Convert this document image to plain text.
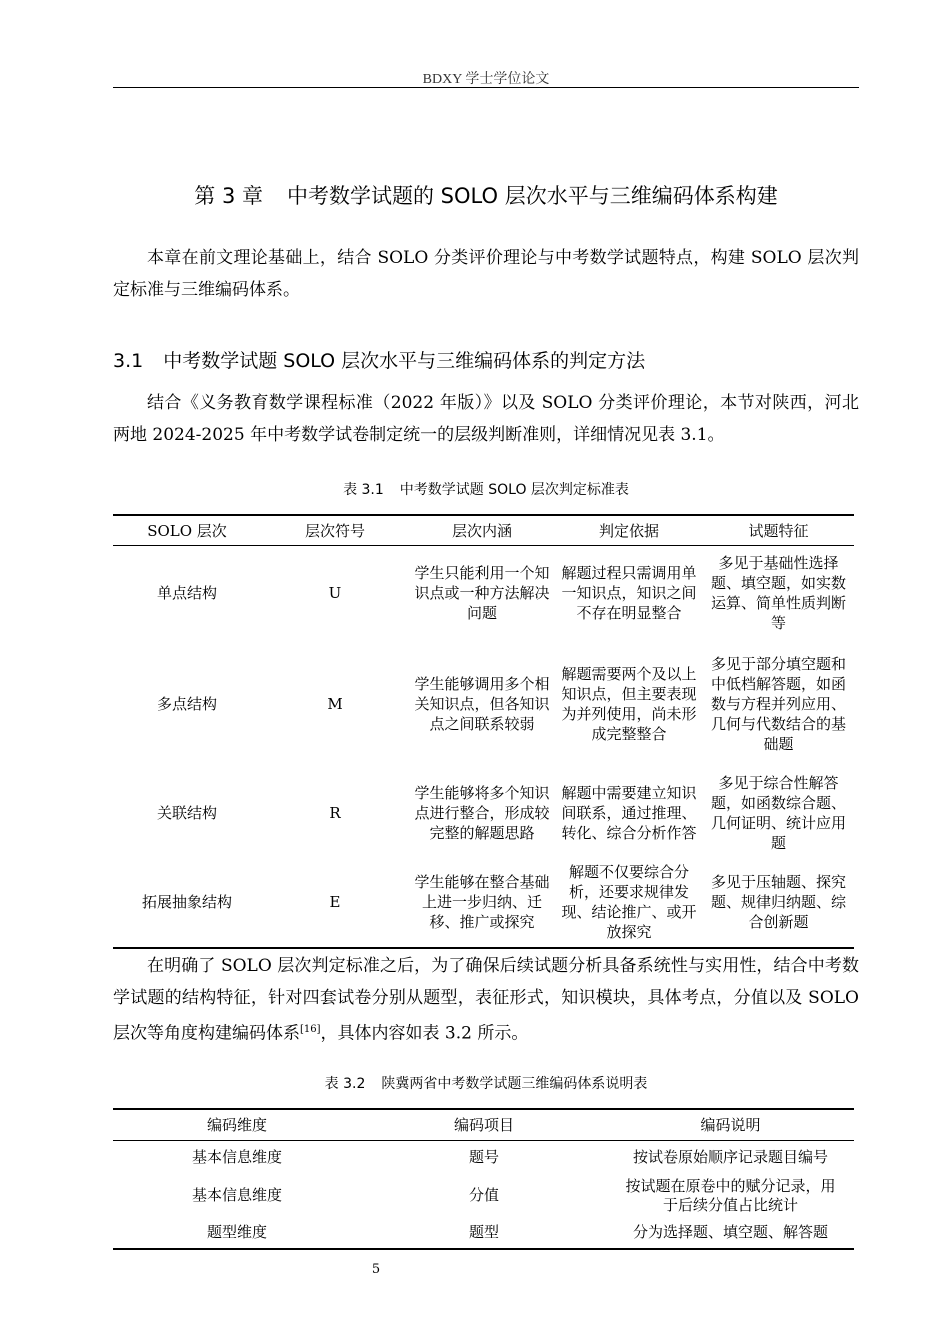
BDXY 学士学位论文
第 3 章 中考数学试题的 SOLO 层次水平与三维编码体系构建

本章在前文理论基础上，结合 SOLO 分类评价理论与中考数学试题特点，构建 SOLO 层次判定标准与三维编码体系。

3.1 中考数学试题 SOLO 层次水平与三维编码体系的判定方法

结合《义务教育数学课程标准（2022 年版）》以及 SOLO 分类评价理论，本节对陕西，河北两地 2024-2025 年中考数学试卷制定统一的层级判断准则，详细情况见表 3.1。

表 3.1 中考数学试题 SOLO 层次判定标准表
SOLO 层次	层次符号	层次内涵	判定依据	试题特征
单点结构	U	学生只能利用一个知识点或一种方法解决问题	解题过程只需调用单一知识点，知识之间不存在明显整合	多见于基础性选择题、填空题，如实数运算、简单性质判断等
多点结构	M	学生能够调用多个相关知识点，但各知识点之间联系较弱	解题需要两个及以上知识点，但主要表现为并列使用，尚未形成完整整合	多见于部分填空题和中低档解答题，如函数与方程并列应用、几何与代数结合的基础题
关联结构	R	学生能够将多个知识点进行整合，形成较完整的解题思路	解题中需要建立知识间联系，通过推理、转化、综合分析作答	多见于综合性解答题，如函数综合题、几何证明、统计应用题
拓展抽象结构	E	学生能够在整合基础上进一步归纳、迁移、推广或探究	解题不仅要综合分析，还要求规律发现、结论推广、或开放探究	多见于压轴题、探究题、规律归纳题、综合创新题

在明确了 SOLO 层次判定标准之后，为了确保后续试题分析具备系统性与实用性，结合中考数学试题的结构特征，针对四套试卷分别从题型，表征形式，知识模块，具体考点，分值以及 SOLO 层次等角度构建编码体系[16]，具体内容如表 3.2 所示。

表 3.2 陕冀两省中考数学试题三维编码体系说明表
编码维度	编码项目	编码说明
基本信息维度	题号	按试卷原始顺序记录题目编号
基本信息维度	分值	按试题在原卷中的赋分记录，用于后续分值占比统计
题型维度	题型	分为选择题、填空题、解答题
5
